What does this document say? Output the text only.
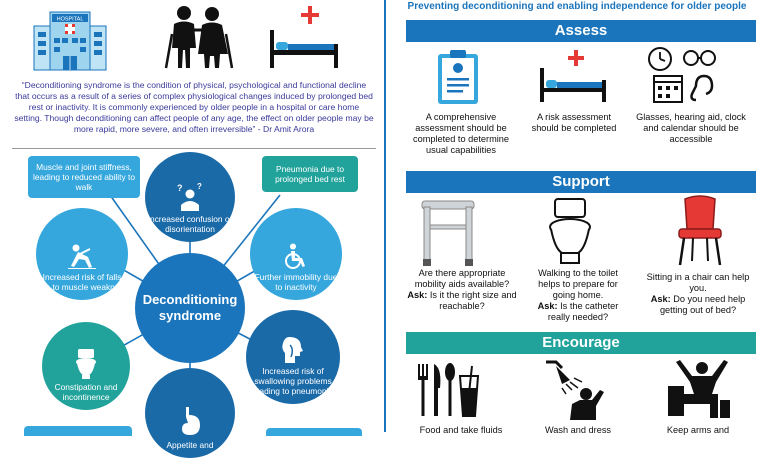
HOSPITAL
“Deconditioning syndrome is the condition of physical, psychological and functional decline that occurs as a result of a series of complex physiological changes induced by prolonged bed rest or inactivity. It is commonly experienced by older people in a hospital or care home setting. Though deconditioning can affect people of any age, the effect on older people may be more rapid, more severe, and often irreversible” - Dr Amit Arora
Muscle and joint stiffness, leading to reduced ability to walk
Pneumonia due to prolonged bed rest
? ?
Increased confusion or disorientation
Increased risk of falls due to muscle weakness
Further immobility due to inactivity
Deconditioning syndrome
Constipation and incontinence
Increased risk of swallowing problems leading to pneumonia
Appetite and
Preventing deconditioning and enabling independence for older people
Assess
A comprehensive assessment should be completed to determine usual capabilities
A risk assessment should be completed
Glasses, hearing aid, clock and calendar should be accessible
Support
Are there appropriate mobility aids available?
Ask: Is it the right size and reachable?
Walking to the toilet helps to prepare for going home.
Ask: Is the catheter really needed?
Sitting in a chair can help you.
Ask: Do you need help getting out of bed?
Encourage
Food and take fluids	Wash and dress	Keep arms and
